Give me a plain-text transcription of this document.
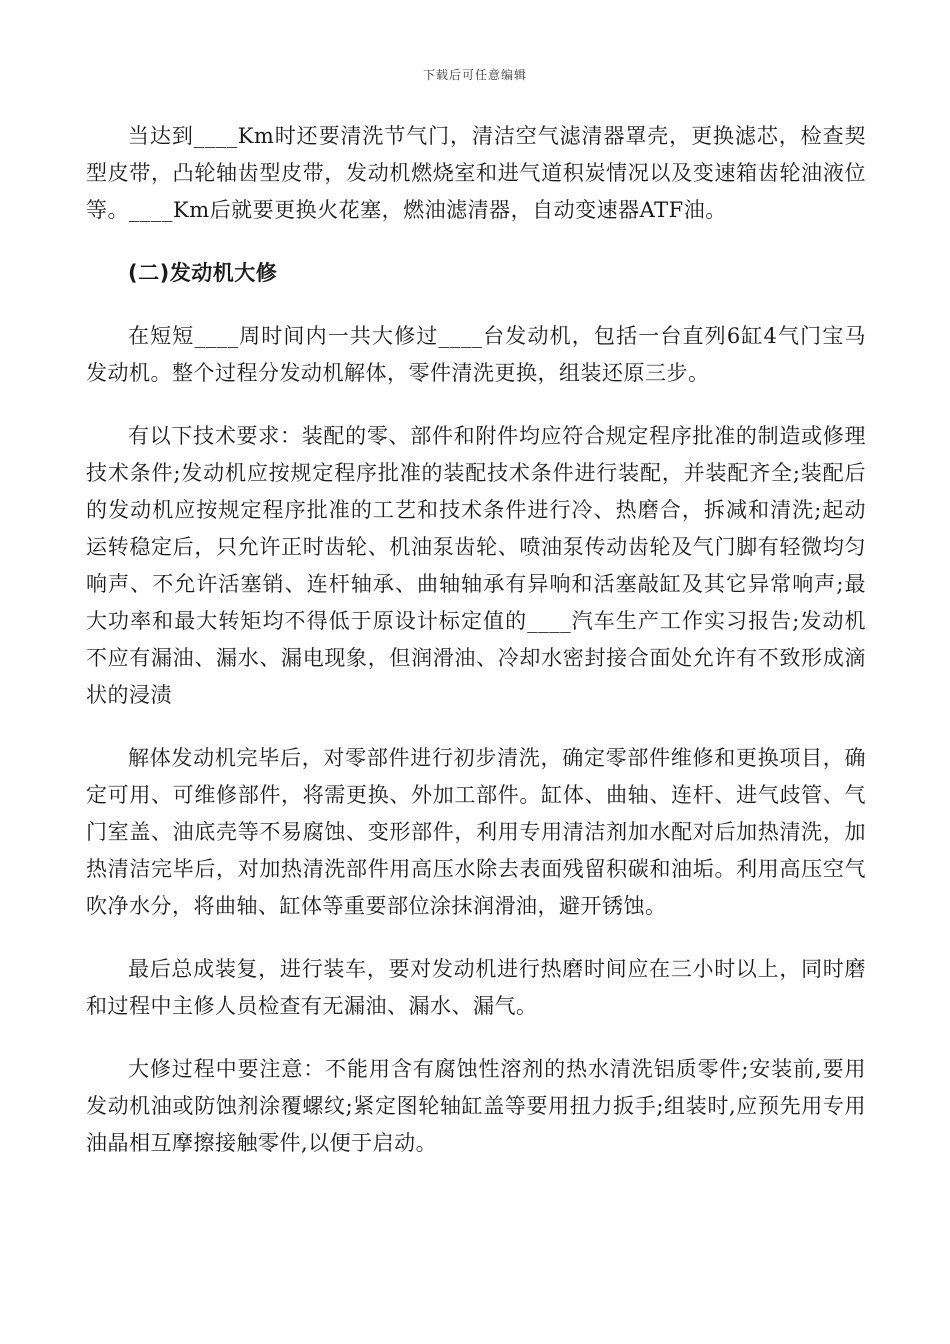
下载后可任意编辑

当达到____Km时还要清洗节气门，清洁空气滤清器罩壳，更换滤芯，检查契型皮带，凸轮轴齿型皮带，发动机燃烧室和进气道积炭情况以及变速箱齿轮油液位等。____Km后就要更换火花塞，燃油滤清器，自动变速器ATF油。

(二)发动机大修

在短短____周时间内一共大修过____台发动机，包括一台直列6缸4气门宝马发动机。整个过程分发动机解体，零件清洗更换，组装还原三步。

有以下技术要求：装配的零、部件和附件均应符合规定程序批准的制造或修理技术条件;发动机应按规定程序批准的装配技术条件进行装配，并装配齐全;装配后的发动机应按规定程序批准的工艺和技术条件进行冷、热磨合，拆减和清洗;起动运转稳定后，只允许正时齿轮、机油泵齿轮、喷油泵传动齿轮及气门脚有轻微均匀响声、不允许活塞销、连杆轴承、曲轴轴承有异响和活塞敲缸及其它异常响声;最大功率和最大转矩均不得低于原设计标定值的____汽车生产工作实习报告;发动机不应有漏油、漏水、漏电现象，但润滑油、冷却水密封接合面处允许有不致形成滴状的浸渍

解体发动机完毕后，对零部件进行初步清洗，确定零部件维修和更换项目，确定可用、可维修部件，将需更换、外加工部件。缸体、曲轴、连杆、进气歧管、气门室盖、油底壳等不易腐蚀、变形部件，利用专用清洁剂加水配对后加热清洗，加热清洁完毕后，对加热清洗部件用高压水除去表面残留积碳和油垢。利用高压空气吹净水分，将曲轴、缸体等重要部位涂抹润滑油，避开锈蚀。

最后总成装复，进行装车，要对发动机进行热磨时间应在三小时以上，同时磨和过程中主修人员检查有无漏油、漏水、漏气。

大修过程中要注意：不能用含有腐蚀性溶剂的热水清洗铝质零件;安装前,要用发动机油或防蚀剂涂覆螺纹;紧定图轮轴缸盖等要用扭力扳手;组装时,应预先用专用油晶相互摩擦接触零件,以便于启动。
